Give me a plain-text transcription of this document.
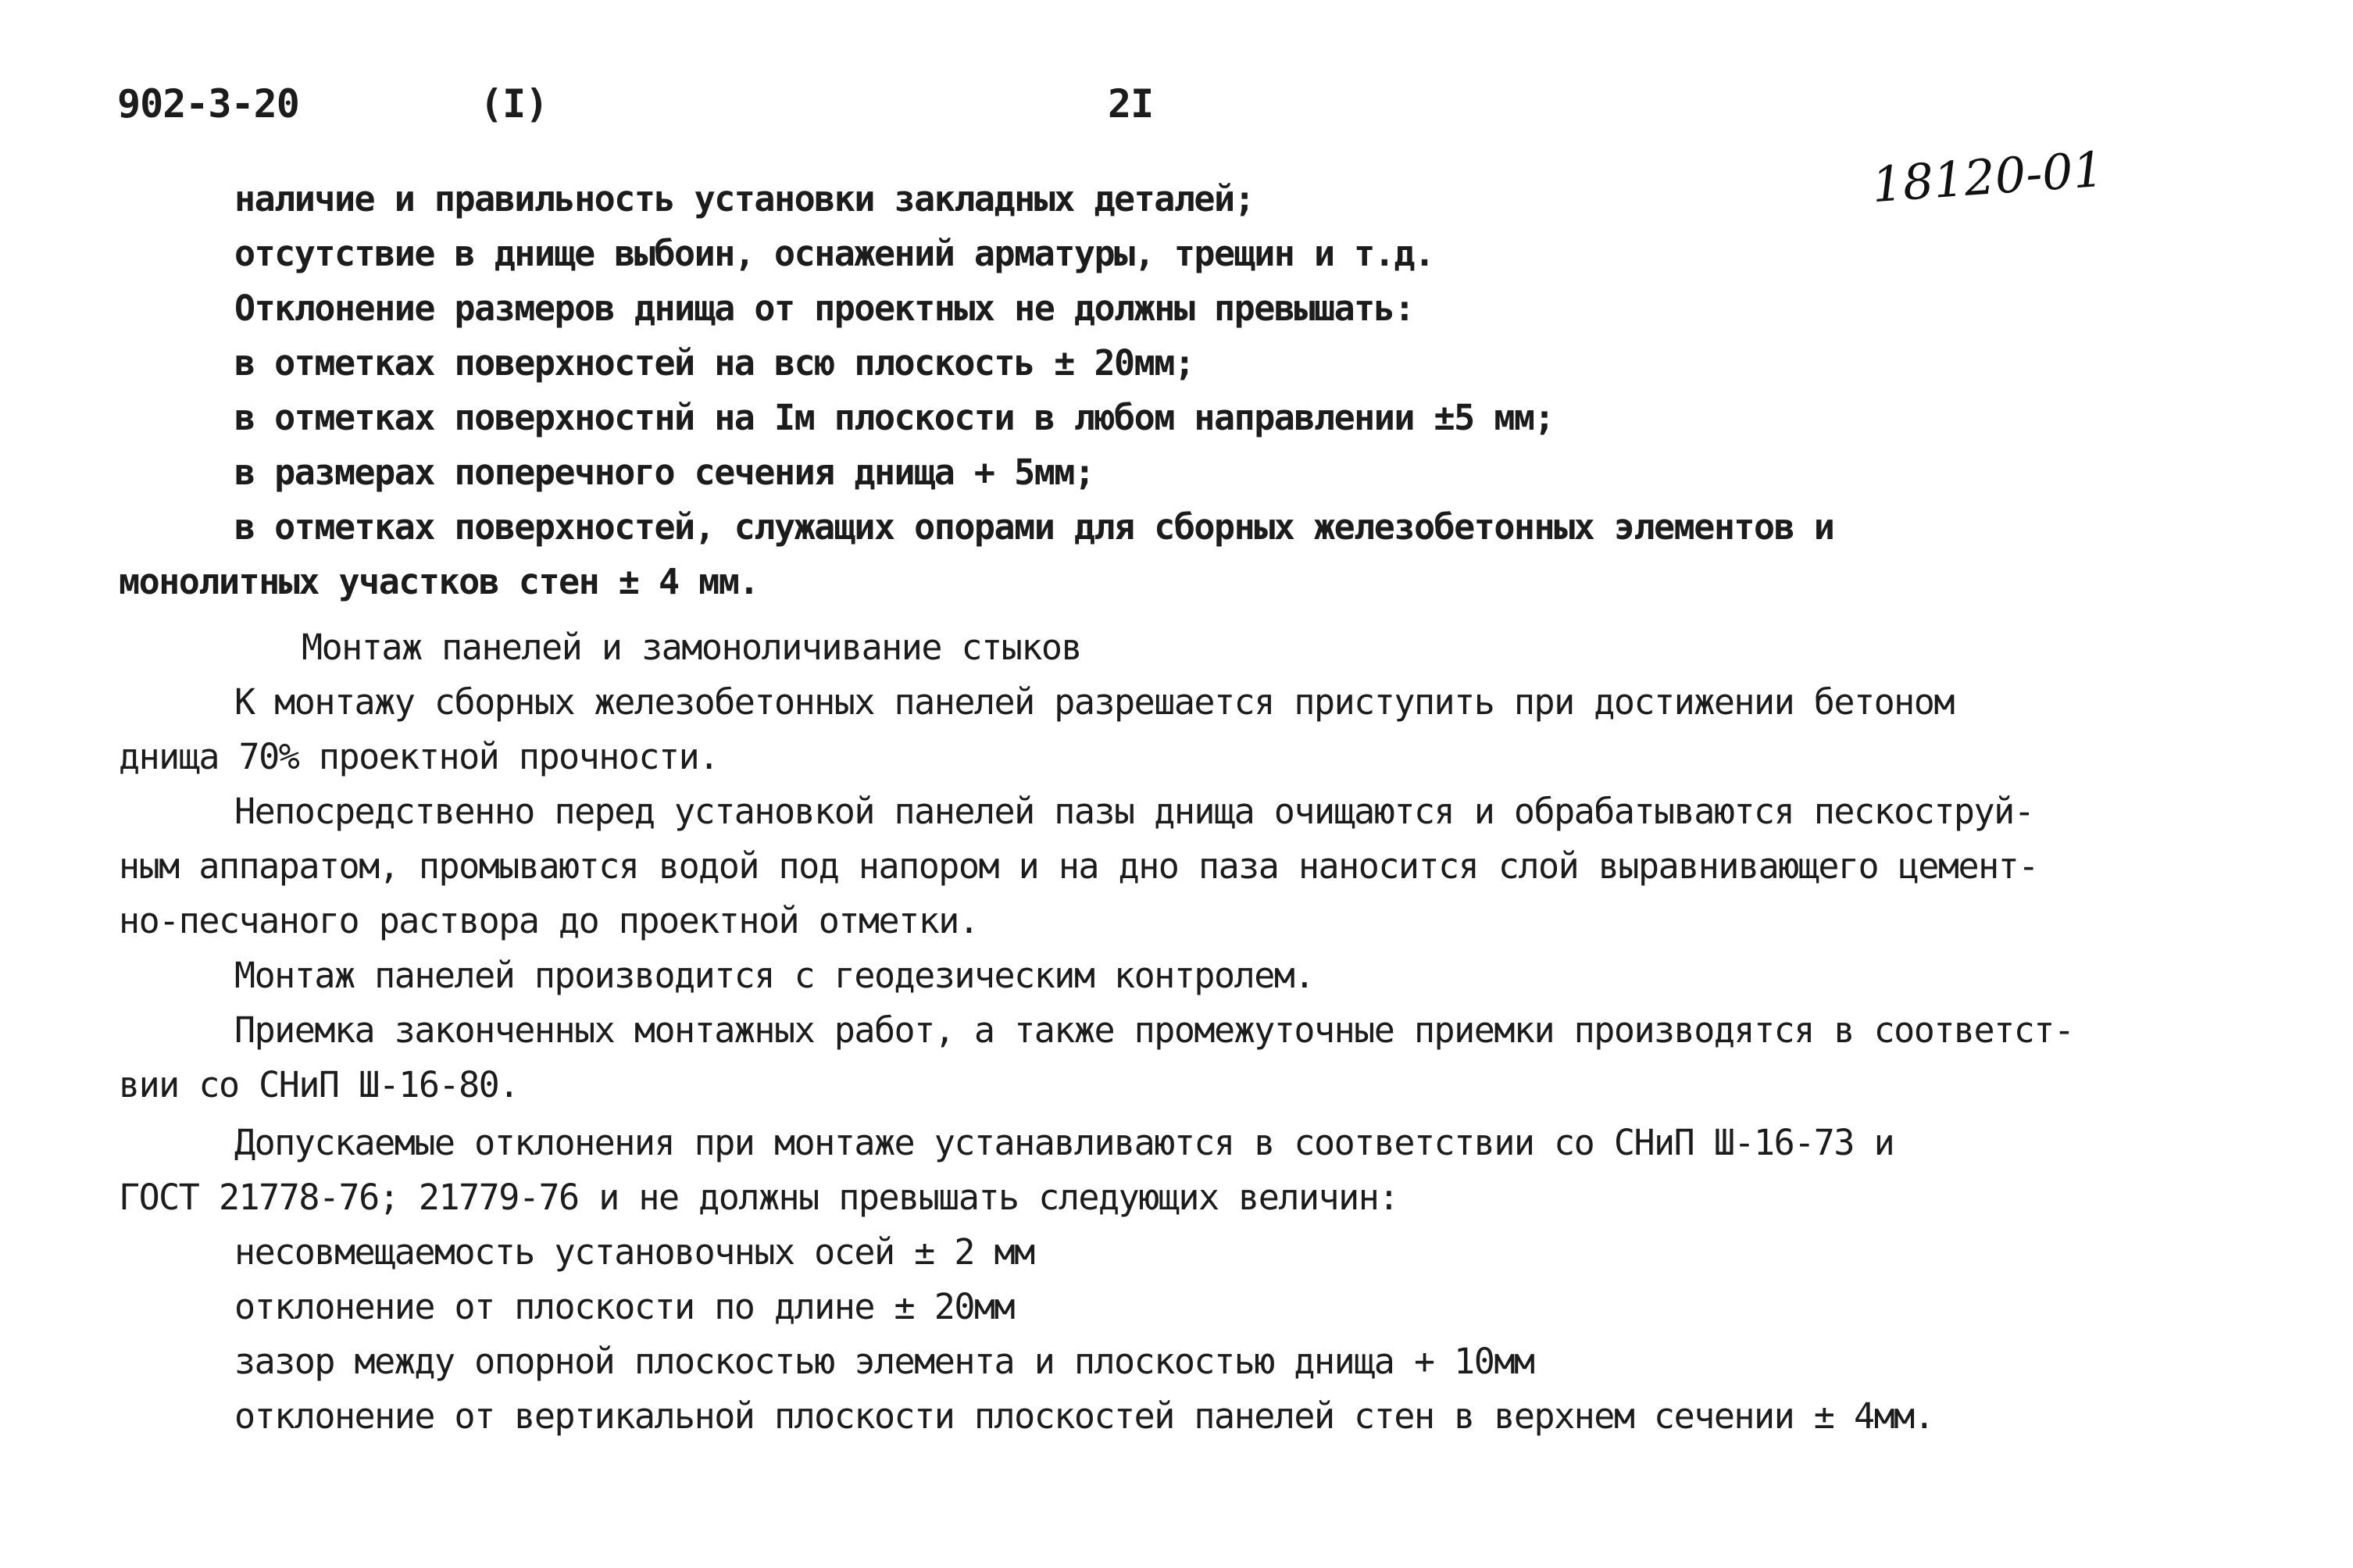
902-3-20	(I)	2I
18120-01
наличие и правильность установки закладных деталей;
отсутствие в днище выбоин, оснажений арматуры, трещин и т.д.
Отклонение размеров днища от проектных не должны превышать:
в отметках поверхностей на всю плоскость ± 20мм;
в отметках поверхностнй на Iм плоскости в любом направлении ±5 мм;
в размерах поперечного сечения днища + 5мм;
в отметках поверхностей, служащих опорами для сборных железобетонных элементов и
монолитных участков стен ± 4 мм.
Монтаж панелей и замоноличивание стыков
К монтажу сборных железобетонных панелей разрешается приступить при достижении бетоном
днища 70% проектной прочности.
Непосредственно перед установкой панелей пазы днища очищаются и обрабатываются пескоструй-
ным аппаратом, промываются водой под напором и на дно паза наносится слой выравнивающего цемент-
но-песчаного раствора до проектной отметки.
Монтаж панелей производится с геодезическим контролем.
Приемка законченных монтажных работ, а также промежуточные приемки производятся в соответст-
вии со СНиП Ш-16-80.
Допускаемые отклонения при монтаже устанавливаются в соответствии со СНиП Ш-16-73 и
ГОСТ 21778-76; 21779-76 и не должны превышать следующих величин:
несовмещаемость установочных осей ± 2 мм
отклонение от плоскости по длине ± 20мм
зазор между опорной плоскостью элемента и плоскостью днища + 10мм
отклонение от вертикальной плоскости плоскостей панелей стен в верхнем сечении ± 4мм.
